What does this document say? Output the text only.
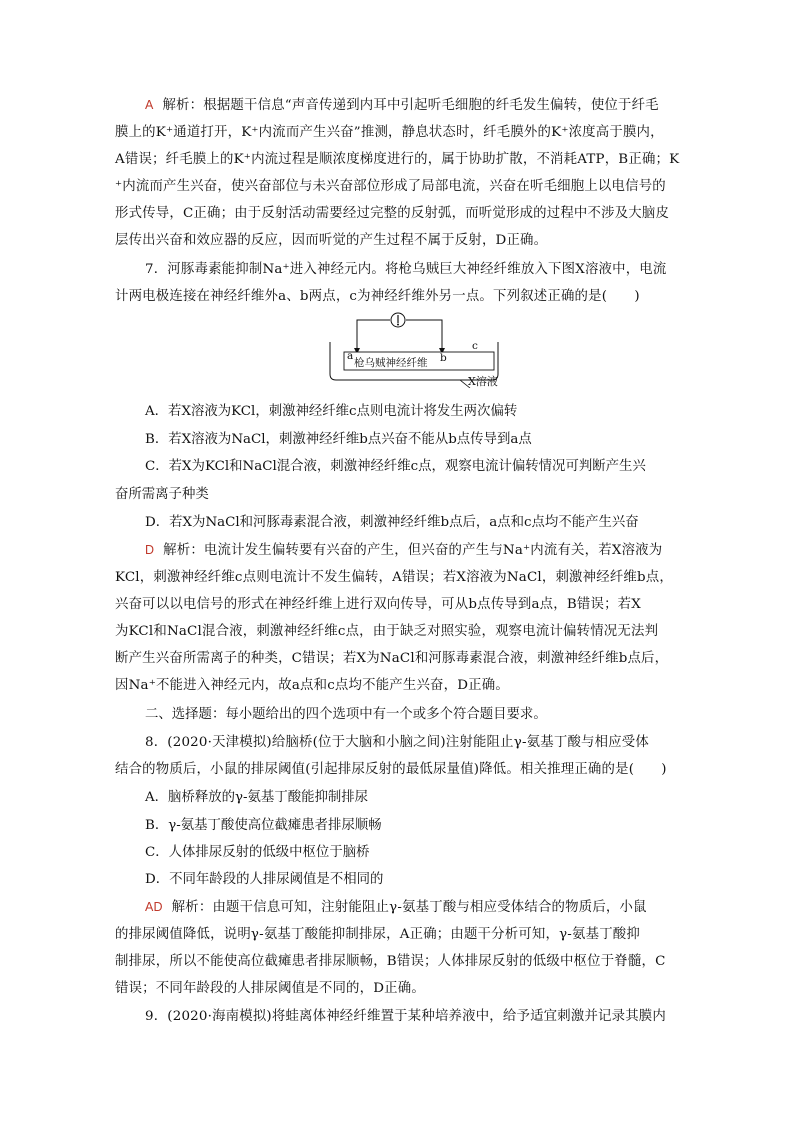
A 解析：根据题干信息“声音传递到内耳中引起听毛细胞的纤毛发生偏转，使位于纤毛
膜上的K⁺通道打开，K⁺内流而产生兴奋”推测，静息状态时，纤毛膜外的K⁺浓度高于膜内，
A错误；纤毛膜上的K⁺内流过程是顺浓度梯度进行的，属于协助扩散，不消耗ATP，B正确；K
⁺内流而产生兴奋，使兴奋部位与未兴奋部位形成了局部电流，兴奋在听毛细胞上以电信号的
形式传导，C正确；由于反射活动需要经过完整的反射弧，而听觉形成的过程中不涉及大脑皮
层传出兴奋和效应器的反应，因而听觉的产生过程不属于反射，D正确。
7．河豚毒素能抑制Na⁺进入神经元内。将枪乌贼巨大神经纤维放入下图X溶液中，电流
计两电极连接在神经纤维外a、b两点，c为神经纤维外另一点。下列叙述正确的是(　　)
a
枪乌贼神经纤维 b
c
X溶液
A．若X溶液为KCl，刺激神经纤维c点则电流计将发生两次偏转
B．若X溶液为NaCl，刺激神经纤维b点兴奋不能从b点传导到a点
C．若X为KCl和NaCl混合液，刺激神经纤维c点，观察电流计偏转情况可判断产生兴
奋所需离子种类
D．若X为NaCl和河豚毒素混合液，刺激神经纤维b点后，a点和c点均不能产生兴奋
D 解析：电流计发生偏转要有兴奋的产生，但兴奋的产生与Na⁺内流有关，若X溶液为
KCl，刺激神经纤维c点则电流计不发生偏转，A错误；若X溶液为NaCl，刺激神经纤维b点，
兴奋可以以电信号的形式在神经纤维上进行双向传导，可从b点传导到a点，B错误；若X
为KCl和NaCl混合液，刺激神经纤维c点，由于缺乏对照实验，观察电流计偏转情况无法判
断产生兴奋所需离子的种类，C错误；若X为NaCl和河豚毒素混合液，刺激神经纤维b点后，
因Na⁺不能进入神经元内，故a点和c点均不能产生兴奋，D正确。
二、选择题：每小题给出的四个选项中有一个或多个符合题目要求。
8．(2020·天津模拟)给脑桥(位于大脑和小脑之间)注射能阻止γ-氨基丁酸与相应受体
结合的物质后，小鼠的排尿阈值(引起排尿反射的最低尿量值)降低。相关推理正确的是(　　)
A．脑桥释放的γ-氨基丁酸能抑制排尿
B．γ-氨基丁酸使高位截瘫患者排尿顺畅
C．人体排尿反射的低级中枢位于脑桥
D．不同年龄段的人排尿阈值是不相同的
AD 解析：由题干信息可知，注射能阻止γ-氨基丁酸与相应受体结合的物质后，小鼠
的排尿阈值降低，说明γ-氨基丁酸能抑制排尿，A正确；由题干分析可知，γ-氨基丁酸抑
制排尿，所以不能使高位截瘫患者排尿顺畅，B错误；人体排尿反射的低级中枢位于脊髓，C
错误；不同年龄段的人排尿阈值是不同的，D正确。
9．(2020·海南模拟)将蛙离体神经纤维置于某种培养液中，给予适宜刺激并记录其膜内
